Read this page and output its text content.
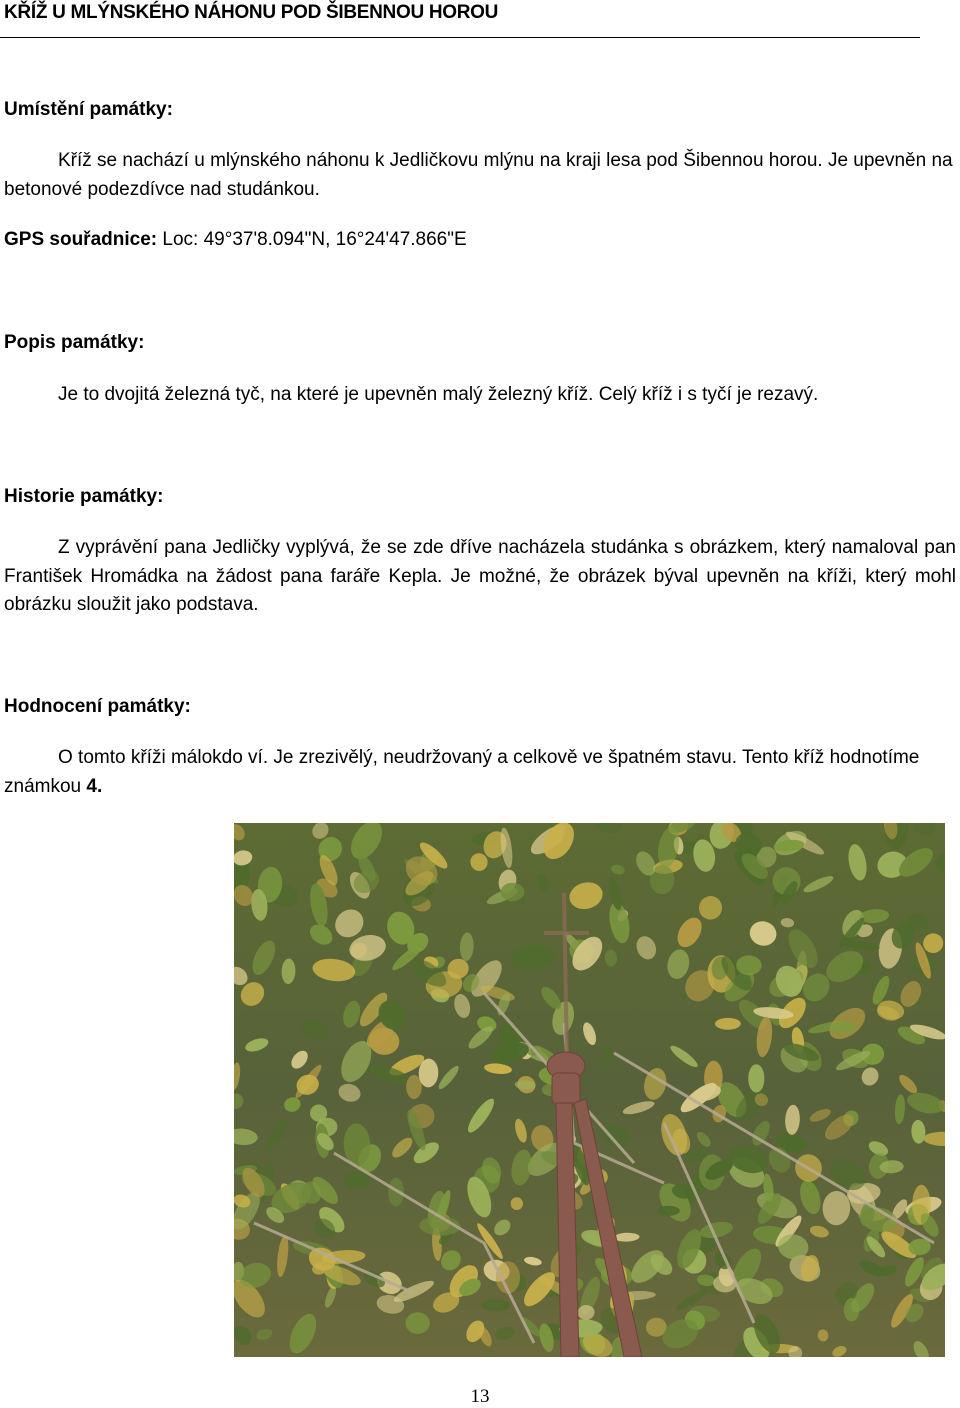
KŘÍŽ U MLÝNSKÉHO NÁHONU POD ŠIBENNOU HOROU
Umístění památky:
Kříž se nachází u mlýnského náhonu k Jedličkovu mlýnu na kraji lesa pod Šibennou horou. Je upevněn na betonové podezdívce nad studánkou.
GPS souřadnice: Loc: 49°37'8.094"N, 16°24'47.866"E
Popis památky:
Je to dvojitá železná tyč, na které je upevněn malý železný kříž. Celý kříž i s tyčí je rezavý.
Historie památky:
Z vyprávění pana Jedličky vyplývá, že se zde dříve nacházela studánka s obrázkem, který namaloval pan František Hromádka na žádost pana faráře Kepla. Je možné, že obrázek býval upevněn na kříži, který mohl obrázku sloužit jako podstava.
Hodnocení památky:
O tomto kříži málokdo ví. Je zrezivělý, neudržovaný a celkově ve špatném stavu. Tento kříž hodnotíme známkou 4.
13
